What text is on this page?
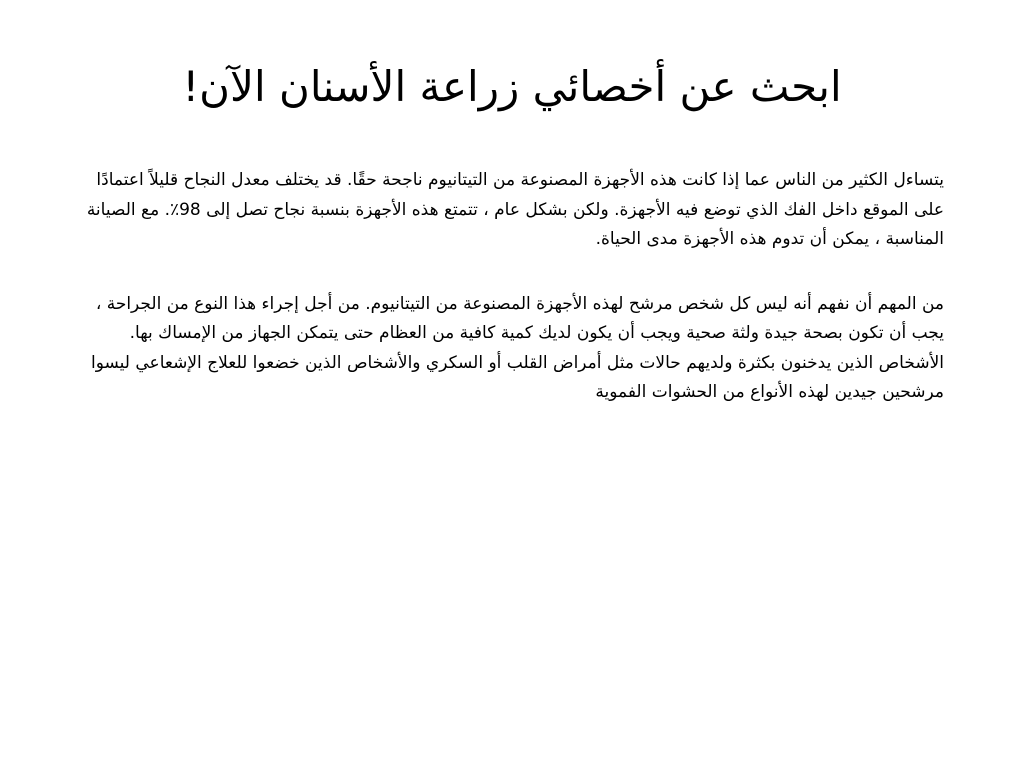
ابحث عن أخصائي زراعة الأسنان الآن!

يتساءل الكثير من الناس عما إذا كانت هذه الأجهزة المصنوعة من التيتانيوم ناجحة حقًا. قد يختلف معدل النجاح قليلاً اعتمادًا على الموقع داخل الفك الذي توضع فيه الأجهزة. ولكن بشكل عام ، تتمتع هذه الأجهزة بنسبة نجاح تصل إلى 98٪. مع الصيانة المناسبة ، يمكن أن تدوم هذه الأجهزة مدى الحياة.

من المهم أن نفهم أنه ليس كل شخص مرشح لهذه الأجهزة المصنوعة من التيتانيوم. من أجل إجراء هذا النوع من الجراحة ، يجب أن تكون بصحة جيدة ولثة صحية ويجب أن يكون لديك كمية كافية من العظام حتى يتمكن الجهاز من الإمساك بها. الأشخاص الذين يدخنون بكثرة ولديهم حالات مثل أمراض القلب أو السكري والأشخاص الذين خضعوا للعلاج الإشعاعي ليسوا مرشحين جيدين لهذه الأنواع من الحشوات الفموية
